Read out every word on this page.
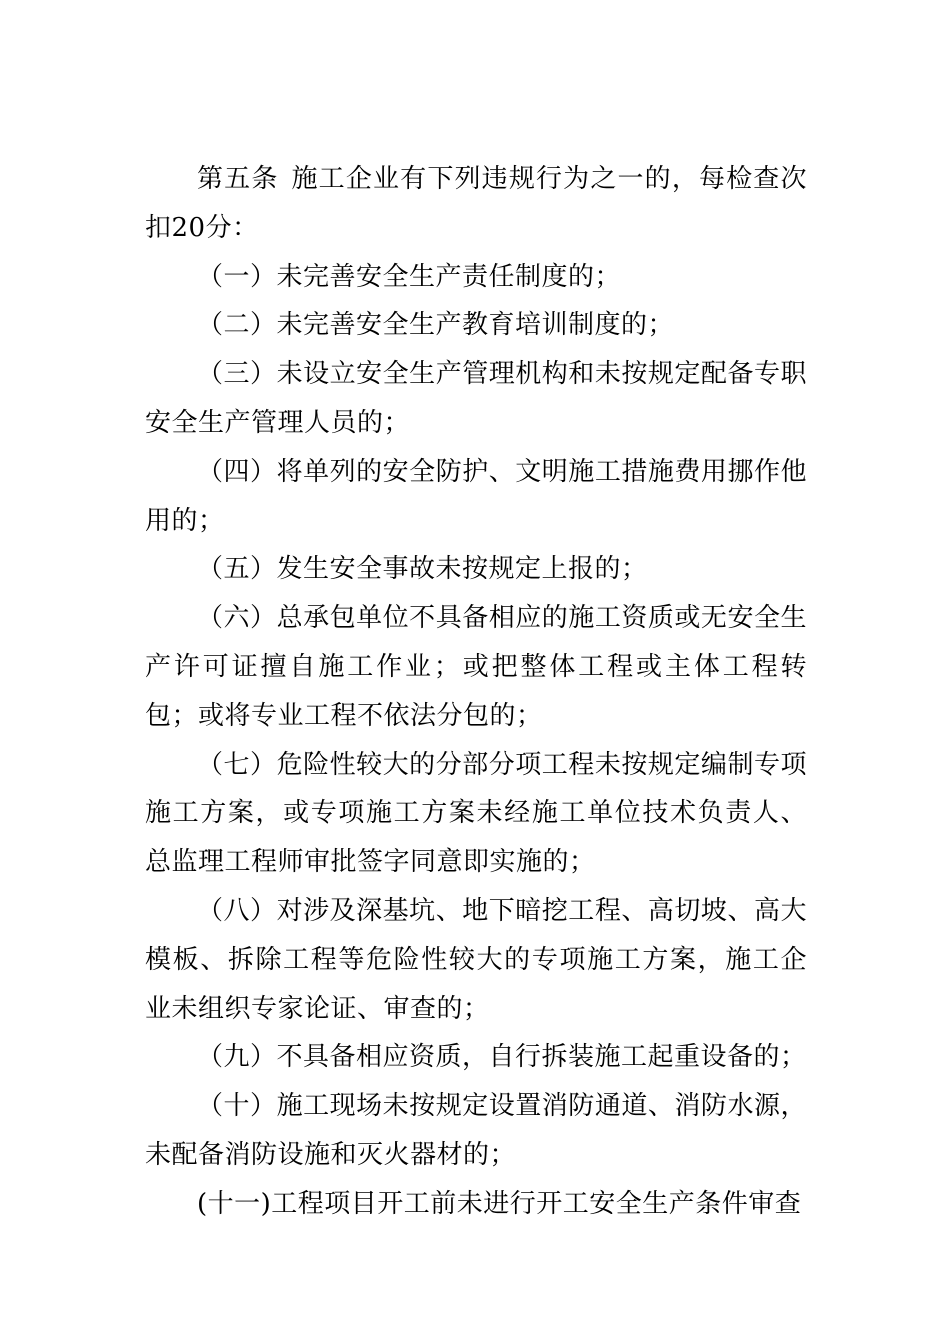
第五条 施工企业有下列违规行为之一的，每检查次扣20分：

（一）未完善安全生产责任制度的；

（二）未完善安全生产教育培训制度的；

（三）未设立安全生产管理机构和未按规定配备专职安全生产管理人员的；

（四）将单列的安全防护、文明施工措施费用挪作他用的；

（五）发生安全事故未按规定上报的；

（六）总承包单位不具备相应的施工资质或无安全生产许可证擅自施工作业；或把整体工程或主体工程转包；或将专业工程不依法分包的；

（七）危险性较大的分部分项工程未按规定编制专项施工方案，或专项施工方案未经施工单位技术负责人、总监理工程师审批签字同意即实施的；

（八）对涉及深基坑、地下暗挖工程、高切坡、高大模板、拆除工程等危险性较大的专项施工方案，施工企业未组织专家论证、审查的；

（九）不具备相应资质，自行拆装施工起重设备的；

（十）施工现场未按规定设置消防通道、消防水源，未配备消防设施和灭火器材的；

(十一)工程项目开工前未进行开工安全生产条件审查
